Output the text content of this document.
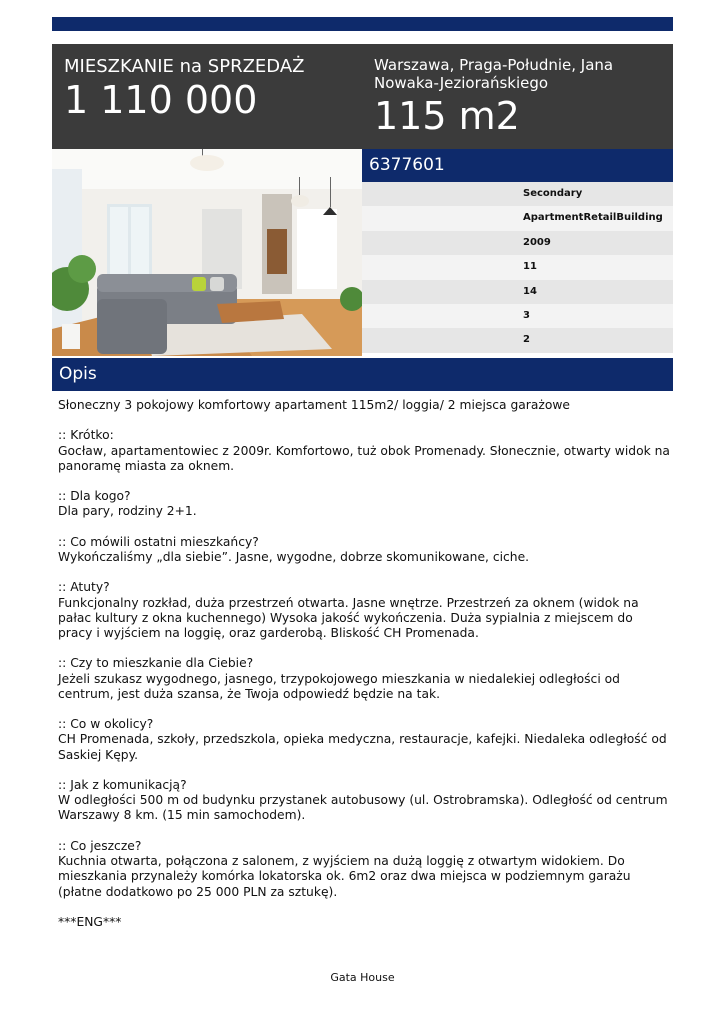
MIESZKANIE na SPRZEDAŻ
1 110 000
Warszawa, Praga-Południe, Jana Nowaka-Jeziorańskiego
115 m2
6377601
Secondary
ApartmentRetailBuilding
2009
11
14
3
2
Opis

Słoneczny 3 pokojowy komfortowy apartament 115m2/ loggia/ 2 miejsca garażowe

:: Krótko:

Gocław, apartamentowiec z 2009r. Komfortowo, tuż obok Promenady. Słonecznie, otwarty widok na panoramę miasta za oknem.

:: Dla kogo?

Dla pary, rodziny 2+1.

:: Co mówili ostatni mieszkańcy?

Wykończaliśmy „dla siebie”. Jasne, wygodne, dobrze skomunikowane, ciche.

:: Atuty?

Funkcjonalny rozkład, duża przestrzeń otwarta. Jasne wnętrze. Przestrzeń za oknem (widok na pałac kultury z okna kuchennego) Wysoka jakość wykończenia. Duża sypialnia z miejscem do pracy i wyjściem na loggię, oraz garderobą. Bliskość CH Promenada.

:: Czy to mieszkanie dla Ciebie?

Jeżeli szukasz wygodnego, jasnego, trzypokojowego mieszkania w niedalekiej odległości od centrum, jest duża szansa, że Twoja odpowiedź będzie na tak.

:: Co w okolicy?

CH Promenada, szkoły, przedszkola, opieka medyczna, restauracje, kafejki. Niedaleka odległość od Saskiej Kępy.

:: Jak z komunikacją?

W odległości 500 m od budynku przystanek autobusowy (ul. Ostrobramska). Odległość od centrum Warszawy 8 km. (15 min samochodem).

:: Co jeszcze?

Kuchnia otwarta, połączona z salonem, z wyjściem na dużą loggię z otwartym widokiem. Do mieszkania przynależy komórka lokatorska ok. 6m2 oraz dwa miejsca w podziemnym garażu (płatne dodatkowo po 25 000 PLN za sztukę).

***ENG***

Gata House
